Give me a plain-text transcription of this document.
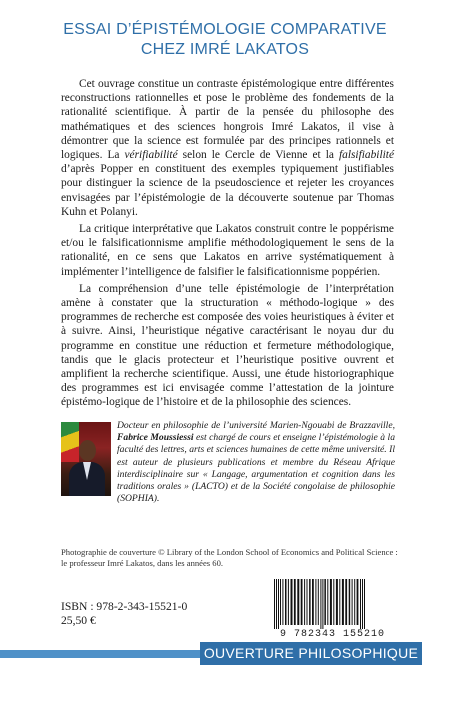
ESSAI D’ÉPISTÉMOLOGIE COMPARATIVE
CHEZ IMRÉ LAKATOS

Cet ouvrage constitue un contraste épistémologique entre différentes reconstructions rationnelles et pose le problème des fondements de la rationalité scientifique. À partir de la pensée du philosophe des mathématiques et des sciences hongrois Imré Lakatos, il vise à démontrer que la science est formulée par des principes rationnels et logiques. La vérifiabilité selon le Cercle de Vienne et la falsifiabilité d’après Popper en constituent des exemples typiquement justifiables pour distinguer la science de la pseudoscience et rejeter les croyances envisagées par l’épistémologie de la découverte soutenue par Thomas Kuhn et Polanyi.

La critique interprétative que Lakatos construit contre le poppérisme et/ou le falsificationnisme amplifie méthodologiquement le sens de la rationalité, en ce sens que Lakatos en arrive systématiquement à implémenter l’intelligence de falsifier le falsificationnisme poppérien.

La compréhension d’une telle épistémologie de l’interprétation amène à constater que la structuration « méthodo-logique » des programmes de recherche est composée des voies heuristiques à éviter et à suivre. Ainsi, l’heuristique négative caractérisant le noyau dur du programme en constitue une réduction et fermeture méthodologique, tandis que le glacis protecteur et l’heuristique positive ouvrent et amplifient la recherche scientifique. Aussi, une étude historiographique des programmes est ici envisagée comme l’attestation de la jointure épistémo-logique de l’histoire et de la philosophie des sciences.

Docteur en philosophie de l’université Marien-Ngouabi de Brazzaville, Fabrice Moussiessi est chargé de cours et enseigne l’épistémologie à la faculté des lettres, arts et sciences humaines de cette même université. Il est auteur de plusieurs publications et membre du Réseau Afrique interdisciplinaire sur « Langage, argumentation et cognition dans les traditions orales » (LACTO) et de la Société congolaise de philosophie (SOPHIA).
Photographie de couverture © Library of the London School of Economics and Political Science : le professeur Imré Lakatos, dans les années 60.
ISBN : 978-2-343-15521-0
25,50 €
9 782343 155210
OUVERTURE PHILOSOPHIQUE
